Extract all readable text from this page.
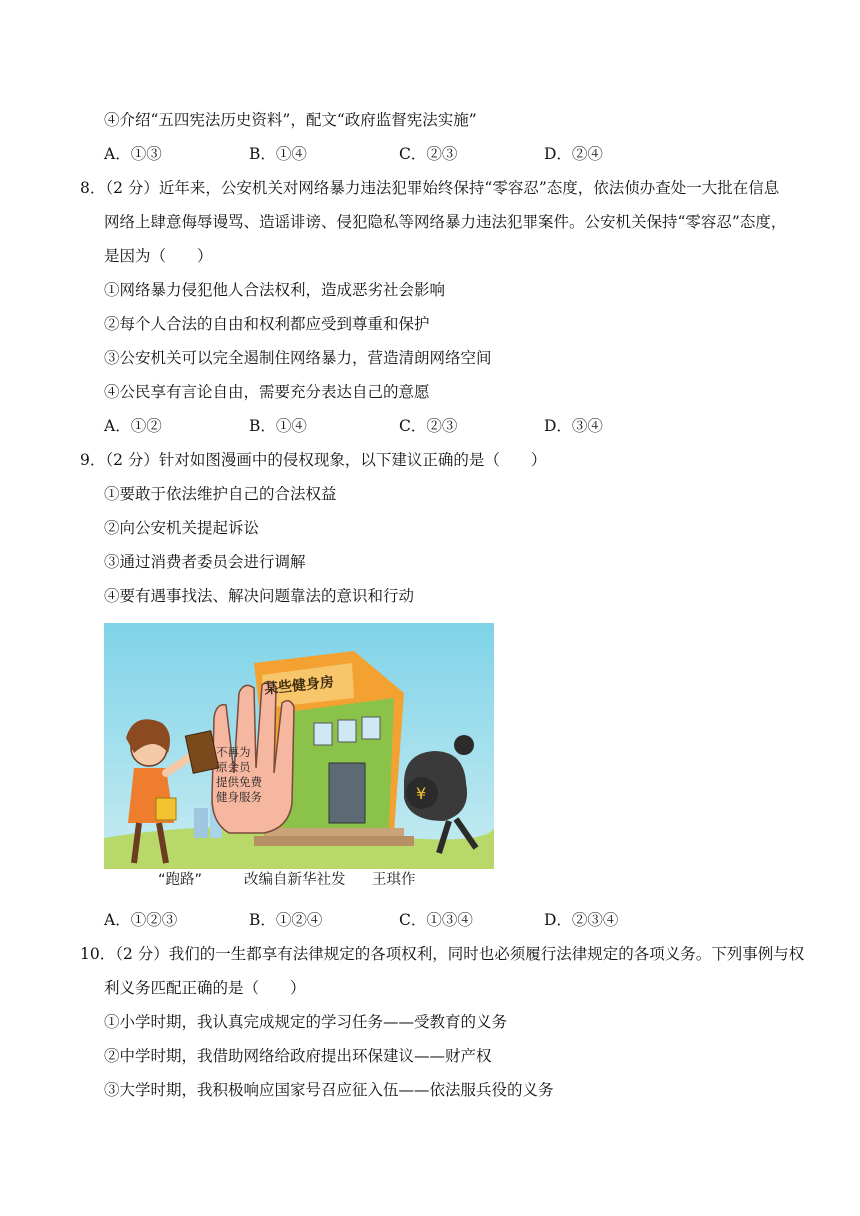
④介绍“五四宪法历史资料”，配文“政府监督宪法实施”
A．①③	B．①④	C．②③	D．②④
8．（2 分）近年来，公安机关对网络暴力违法犯罪始终保持“零容忍”态度，依法侦办查处一大批在信息
网络上肆意侮辱谩骂、造谣诽谤、侵犯隐私等网络暴力违法犯罪案件。公安机关保持“零容忍”态度，
是因为（　　）
①网络暴力侵犯他人合法权利，造成恶劣社会影响
②每个人合法的自由和权利都应受到尊重和保护
③公安机关可以完全遏制住网络暴力，营造清朗网络空间
④公民享有言论自由，需要充分表达自己的意愿
A．①②	B．①④	C．②③	D．③④
9．（2 分）针对如图漫画中的侵权现象，以下建议正确的是（　　）
①要敢于依法维护自己的合法权益
②向公安机关提起诉讼
③通过消费者委员会进行调解
④要有遇事找法、解决问题靠法的意识和行动
¥
某些健身房
不再为
原会员
提供免费
健身服务
“跑路”	改编自新华社发 王琪作
A．①②③	B．①②④	C．①③④	D．②③④
10．（2 分）我们的一生都享有法律规定的各项权利，同时也必须履行法律规定的各项义务。下列事例与权
利义务匹配正确的是（　　）
①小学时期，我认真完成规定的学习任务——受教育的义务
②中学时期，我借助网络给政府提出环保建议——财产权
③大学时期，我积极响应国家号召应征入伍——依法服兵役的义务
